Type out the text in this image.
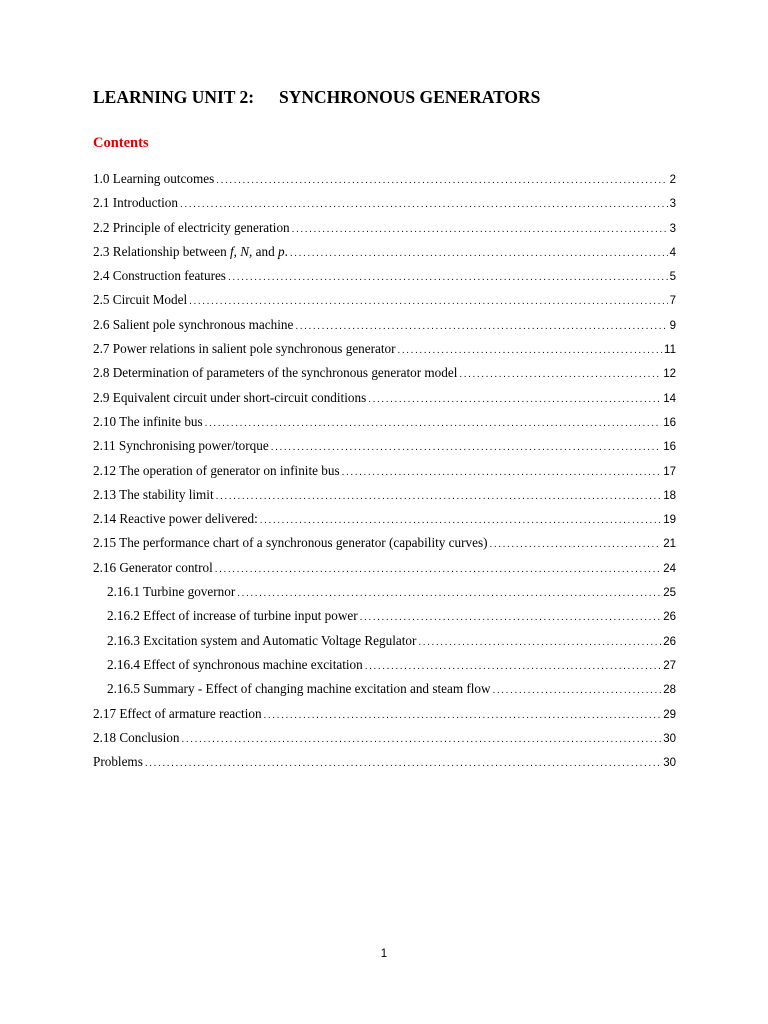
LEARNING UNIT 2: SYNCHRONOUS GENERATORS
Contents
1.0 Learning outcomes .....	2
2.1 Introduction .....	3
2.2 Principle of electricity generation .....	3
2.3 Relationship between f, N, and p. .....	4
2.4 Construction features .....	5
2.5 Circuit Model .....	7
2.6 Salient pole synchronous machine .....	9
2.7 Power relations in salient pole synchronous generator .....	11
2.8 Determination of parameters of the synchronous generator model .....	12
2.9 Equivalent circuit under short-circuit conditions .....	14
2.10 The infinite bus .....	16
2.11 Synchronising power/torque .....	16
2.12 The operation of generator on infinite bus .....	17
2.13 The stability limit .....	18
2.14 Reactive power delivered: .....	19
2.15 The performance chart of a synchronous generator (capability curves) .....	21
2.16 Generator control .....	24
2.16.1 Turbine governor .....	25
2.16.2 Effect of increase of turbine input power .....	26
2.16.3 Excitation system and Automatic Voltage Regulator .....	26
2.16.4 Effect of synchronous machine excitation .....	27
2.16.5 Summary - Effect of changing machine excitation and steam flow .....	28
2.17 Effect of armature reaction .....	29
2.18 Conclusion .....	30
Problems .....	30
1
